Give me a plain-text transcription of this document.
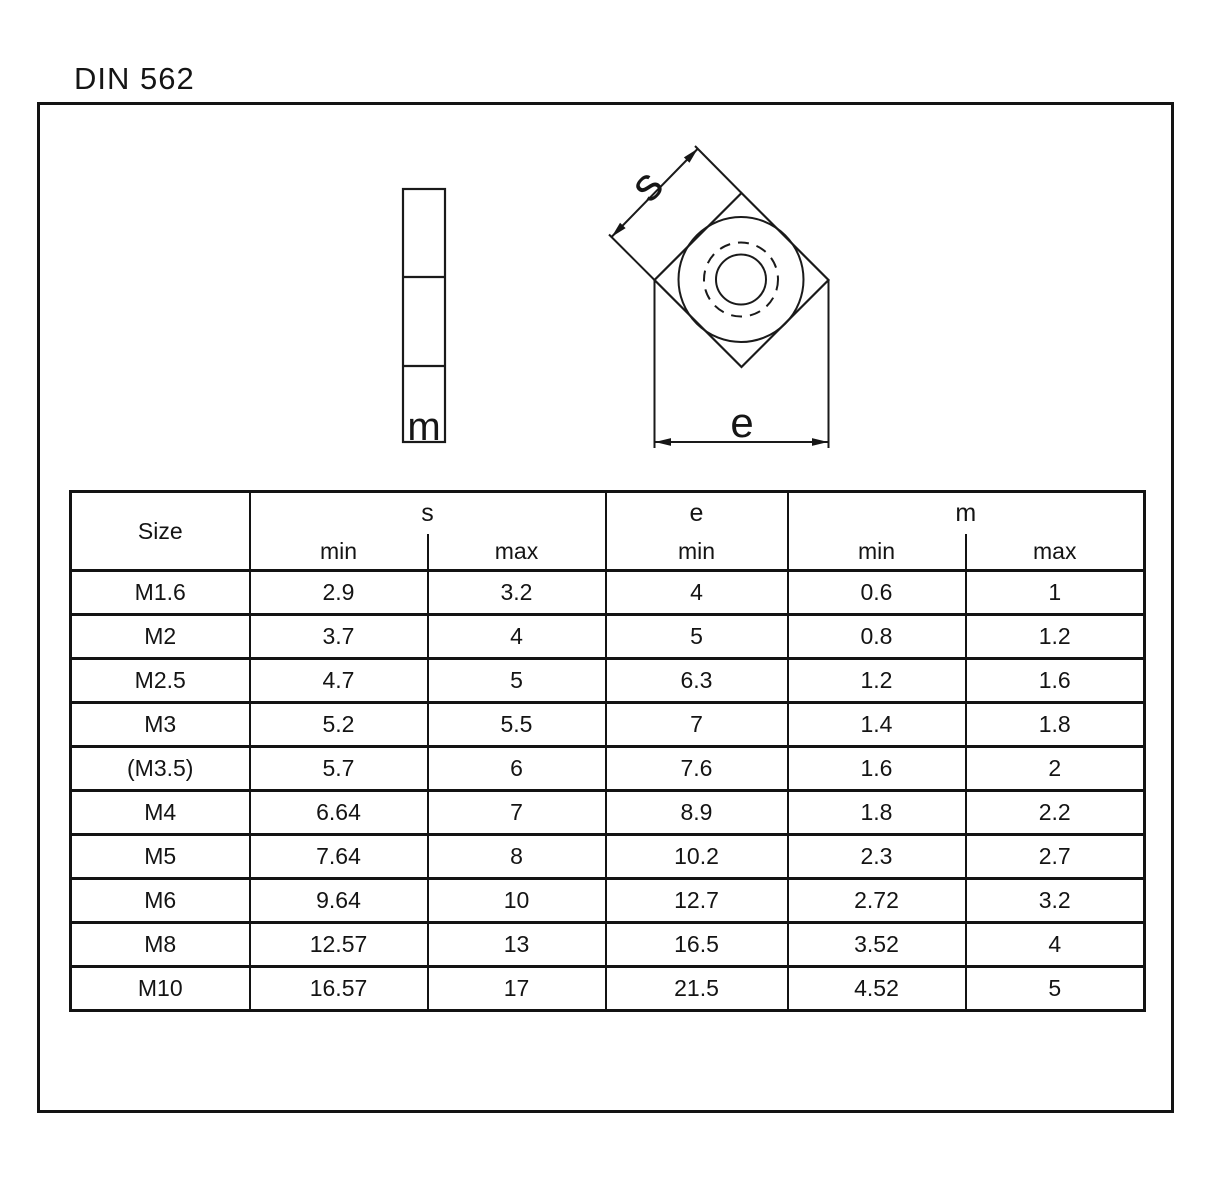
DIN 562
m
s
e
Size	s		e	m	
	min	max	min	min	max
M1.6	2.9	3.2	4	0.6	1
M2	3.7	4	5	0.8	1.2
M2.5	4.7	5	6.3	1.2	1.6
M3	5.2	5.5	7	1.4	1.8
(M3.5)	5.7	6	7.6	1.6	2
M4	6.64	7	8.9	1.8	2.2
M5	7.64	8	10.2	2.3	2.7
M6	9.64	10	12.7	2.72	3.2
M8	12.57	13	16.5	3.52	4
M10	16.57	17	21.5	4.52	5
